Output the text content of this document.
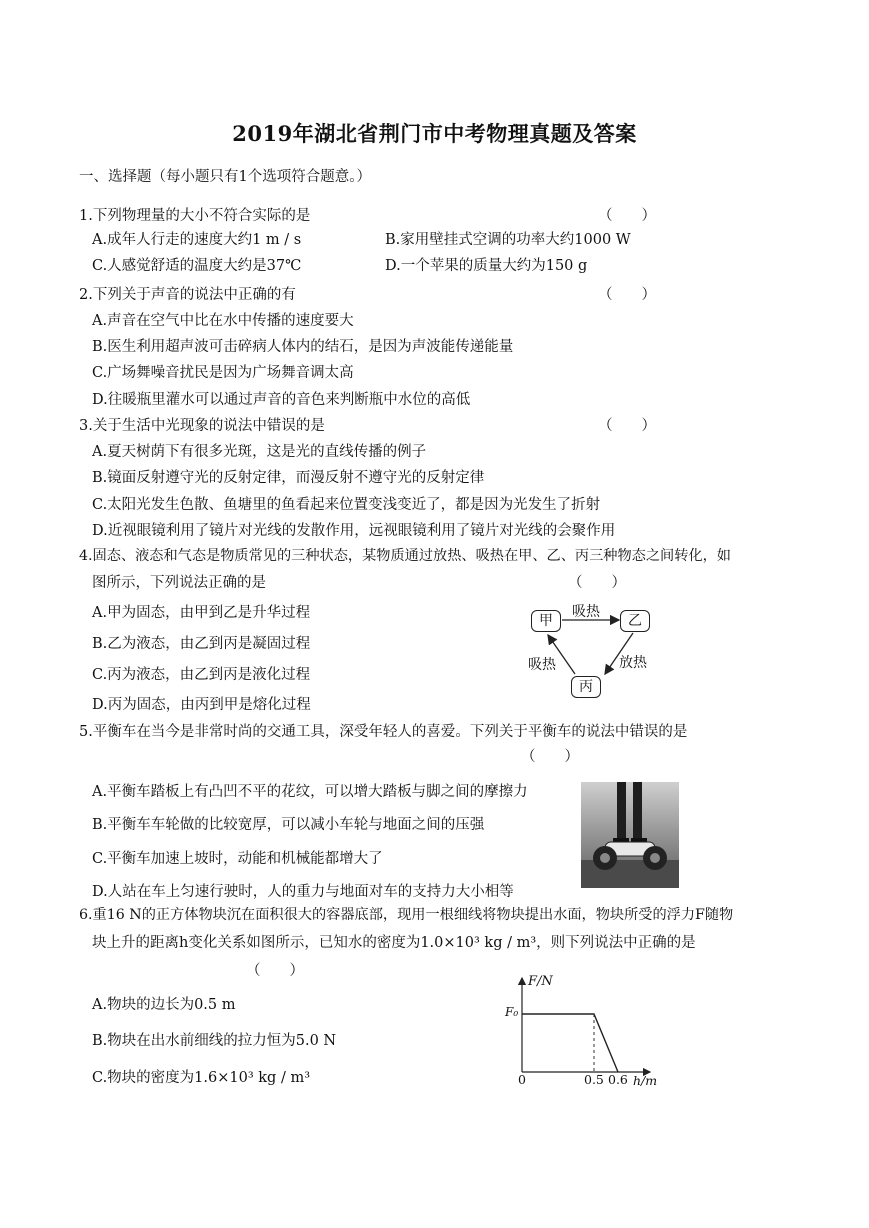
2019年湖北省荆门市中考物理真题及答案
一、选择题（每小题只有1个选项符合题意。）
1.下列物理量的大小不符合实际的是	（　　）
A.成年人行走的速度大约1 m / s	B.家用壁挂式空调的功率大约1000 W
C.人感觉舒适的温度大约是37℃	D.一个苹果的质量大约为150 g
2.下列关于声音的说法中正确的有	（　　）
A.声音在空气中比在水中传播的速度要大
B.医生利用超声波可击碎病人体内的结石，是因为声波能传递能量
C.广场舞噪音扰民是因为广场舞音调太高
D.往暖瓶里灌水可以通过声音的音色来判断瓶中水位的高低
3.关于生活中光现象的说法中错误的是	（　　）
A.夏天树荫下有很多光斑，这是光的直线传播的例子
B.镜面反射遵守光的反射定律，而漫反射不遵守光的反射定律
C.太阳光发生色散、鱼塘里的鱼看起来位置变浅变近了，都是因为光发生了折射
D.近视眼镜利用了镜片对光线的发散作用，远视眼镜利用了镜片对光线的会聚作用
4.固态、液态和气态是物质常见的三种状态，某物质通过放热、吸热在甲、乙、丙三种物态之间转化，如
图所示，下列说法正确的是	（　　）
A.甲为固态，由甲到乙是升华过程
B.乙为液态，由乙到丙是凝固过程
C.丙为液态，由乙到丙是液化过程
D.丙为固态，由丙到甲是熔化过程
甲	乙
丙
吸热
放热
吸热
5.平衡车在当今是非常时尚的交通工具，深受年轻人的喜爱。下列关于平衡车的说法中错误的是
（　　）
A.平衡车踏板上有凸凹不平的花纹，可以增大踏板与脚之间的摩擦力
B.平衡车车轮做的比较宽厚，可以减小车轮与地面之间的压强
C.平衡车加速上坡时，动能和机械能都增大了
D.人站在车上匀速行驶时，人的重力与地面对车的支持力大小相等
6.重16 N的正方体物块沉在面积很大的容器底部，现用一根细线将物块提出水面，物块所受的浮力F随物
块上升的距离h变化关系如图所示，已知水的密度为1.0×10³ kg / m³，则下列说法中正确的是
（　　）
A.物块的边长为0.5 m
B.物块在出水前细线的拉力恒为5.0 N
C.物块的密度为1.6×10³ kg / m³
F/N
F₀
0	0.5 0.6 h/m
